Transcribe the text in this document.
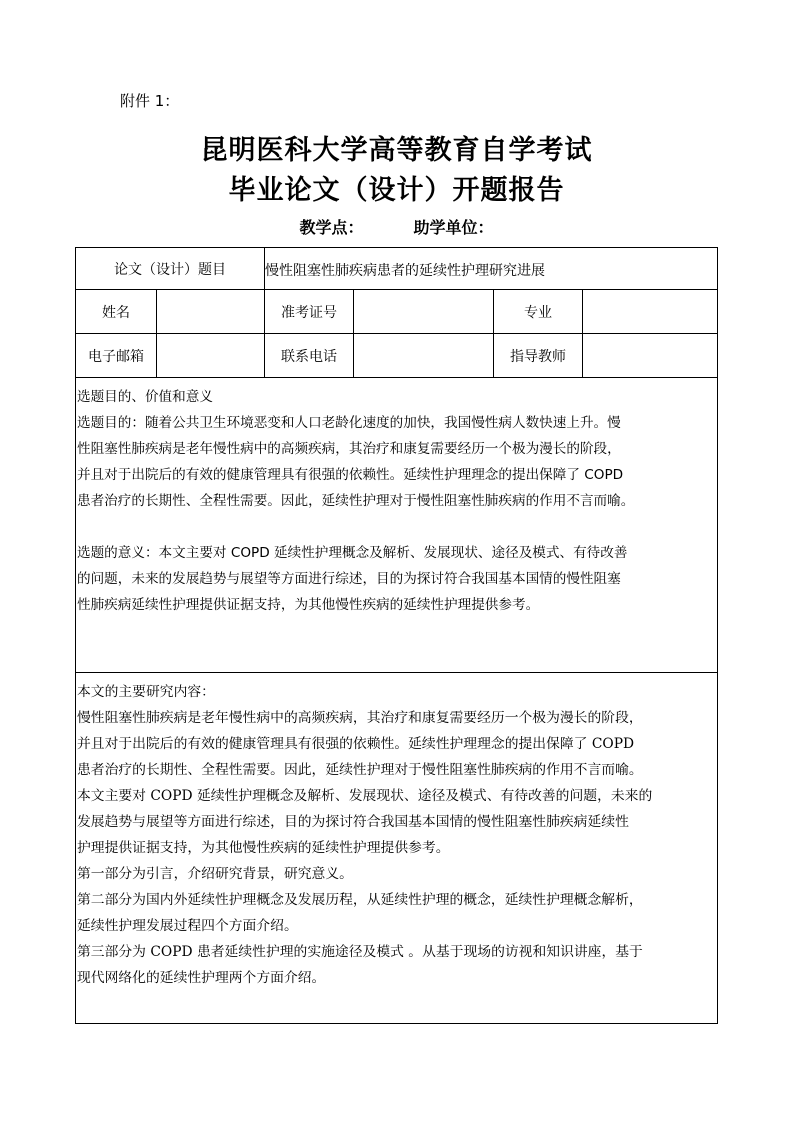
附件 1：
昆明医科大学高等教育自学考试
毕业论文（设计）开题报告
教学点：	助学单位：
论文（设计）题目	慢性阻塞性肺疾病患者的延续性护理研究进展
姓名	准考证号	专业
电子邮箱	联系电话	指导教师

选题目的、价值和意义

选题目的：随着公共卫生环境恶变和人口老龄化速度的加快，我国慢性病人数快速上升。慢

性阻塞性肺疾病是老年慢性病中的高频疾病，其治疗和康复需要经历一个极为漫长的阶段，

并且对于出院后的有效的健康管理具有很强的依赖性。延续性护理理念的提出保障了 COPD

患者治疗的长期性、全程性需要。因此，延续性护理对于慢性阻塞性肺疾病的作用不言而喻。

选题的意义：本文主要对 COPD 延续性护理概念及解析、发展现状、途径及模式、有待改善

的问题，未来的发展趋势与展望等方面进行综述，目的为探讨符合我国基本国情的慢性阻塞

性肺疾病延续性护理提供证据支持，为其他慢性疾病的延续性护理提供参考。

本文的主要研究内容：

慢性阻塞性肺疾病是老年慢性病中的高频疾病，其治疗和康复需要经历一个极为漫长的阶段，

并且对于出院后的有效的健康管理具有很强的依赖性。延续性护理理念的提出保障了 COPD

患者治疗的长期性、全程性需要。因此，延续性护理对于慢性阻塞性肺疾病的作用不言而喻。

本文主要对 COPD 延续性护理概念及解析、发展现状、途径及模式、有待改善的问题，未来的

发展趋势与展望等方面进行综述，目的为探讨符合我国基本国情的慢性阻塞性肺疾病延续性

护理提供证据支持，为其他慢性疾病的延续性护理提供参考。

第一部分为引言，介绍研究背景，研究意义。

第二部分为国内外延续性护理概念及发展历程，从延续性护理的概念，延续性护理概念解析，

延续性护理发展过程四个方面介绍。

第三部分为 COPD 患者延续性护理的实施途径及模式 。从基于现场的访视和知识讲座，基于

现代网络化的延续性护理两个方面介绍。
